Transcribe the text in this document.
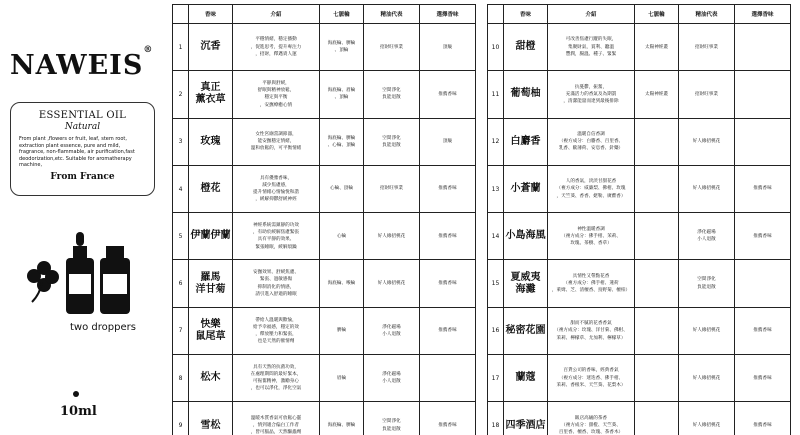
NAWEIS®
ESSENTIAL OIL
Natural
From plant ,flowers or fruit, leaf, stem root, extraction plant essence, pure and mild, fragrance, non-flammable, air purification,fast deodorization,etc. Suitable for aromatherapy machine,
From France
two droppers
10ml
	香味	介紹	七脈輪	精油代表	選擇香味
1	沉香	平穩情緒，穩定播動
，促進思考，提升專注力
，招財，釋邁貴人運	海底輪、臍輪
、頂輪	招財旺事業	頂級
2	真正
薰衣草	平靜與舒緩，
舒眠與精神放鬆，
穩定與平衡
，安撫療癒心情	海底輪、眉輪
、頂輪	空間淨化
負能退散	推薦香味
3	玫瑰	女性宮廟當調節器，
能安撫穩定情緒，
溫和放鬆的，可平衡情緒	海底輪、臍輪
、心輪、頂輪	空間淨化
負能退散	頂級
4	橙花	具有優雅香味，
減少焦慮感，
提升情緒心情愉悅和諧
，緩解抑鬱舒緩神經	心輪、頂輪	招財旺事業	推薦香味
5	伊蘭伊蘭	神經系統需鎮靜的功效
，有助於緩解焦慮緊張
具有平靜的效果、
緊張睡眠，緩解煩躁	心輪	好人緣招桃花	推薦香味
6	羅馬
洋甘菊	安撫效果、舒緩焦慮、
緊張、過敏感傷
抑制消化的情感，
請引進入舒適的睡眠	海底輪、喉輪	好人緣招桃花	推薦香味
7	快樂
鼠尾草	帶給人溫暖與歡愉，
給予幸福感，穩定的效
，釋放壓力和緊張，
也是天然的催情劑	臍輪	淨化磁場
小人退散	推薦香味
8	松木	具有天然的抗菌功效，
在處理期間的最好緊本，
可振奮精神，激勵身心
，也可以淨化，淨化空氣	眉輪	淨化磁場
小人退散	
9	雪松	溫暖木質香氣可放鬆心靈
，情到適合偏白工作者
，皆可腦晶，天然驅蟲劑	海底輪、臍輪	空間淨化
負能退散	推薦香味
	香味	介紹	七脈輪	精油代表	選擇香味
10	甜橙	可改善焦慮行蹤的失眠，
集聚財氣，賞利、聽溫
豐潤，腸溫、種子、緊緊	太陽神經叢	招財旺事業	
11	葡萄柚	抗憂鬱，振奮，
充滿活力的香氣及為期謂
，清潔能量而達到最後排除	太陽神經叢	招財旺事業	
12	白麝香	溫暖自信香調
（複方成分：白麝香、百里香、
乳香、歐薄荷、安息香、針藥）		好人緣招桃花	
13	小蒼蘭	人的香氣，淡淡甘甜花香
（複方成分：威廉梨、佛柑、玫瑰
，天竺葵、香香、姥勒、廣藿香）		好人緣招桃花	推薦香味
14	小島海風	神性溫暖香調
（複方成分：佛手柑、茉莉、
玫瑰、茶樹、香草）		淨化磁場
小人退散	推薦香味
15	夏威夷
海灘	具情性又帶點花香
（複方成分：佛手柑、蓮荷
，萊姆、芝、清檀香、鳥野菊、檀柏）		空間淨化
負能退散	
16	秘密花園	甜而不膩的花香香氣
（複方成分：玫瑰、洋甘菊、佛柑、
茉莉、檸檬草、尤加利、檸檬草）		好人緣招桃花	推薦香味
17	蘭蔻	百貨公司的香味，經典香氣
（複方成分：迷迭香、佛手柑、
茉莉、香根米、天竺葵、花梨木）		好人緣招桃花	推薦香味
18	四季酒店	飯店高級的茶香
（複方成分：甜橙、天竺葵、
百里香、檀香、玫瑰、茶香木）		好人緣招桃花	推薦香味
